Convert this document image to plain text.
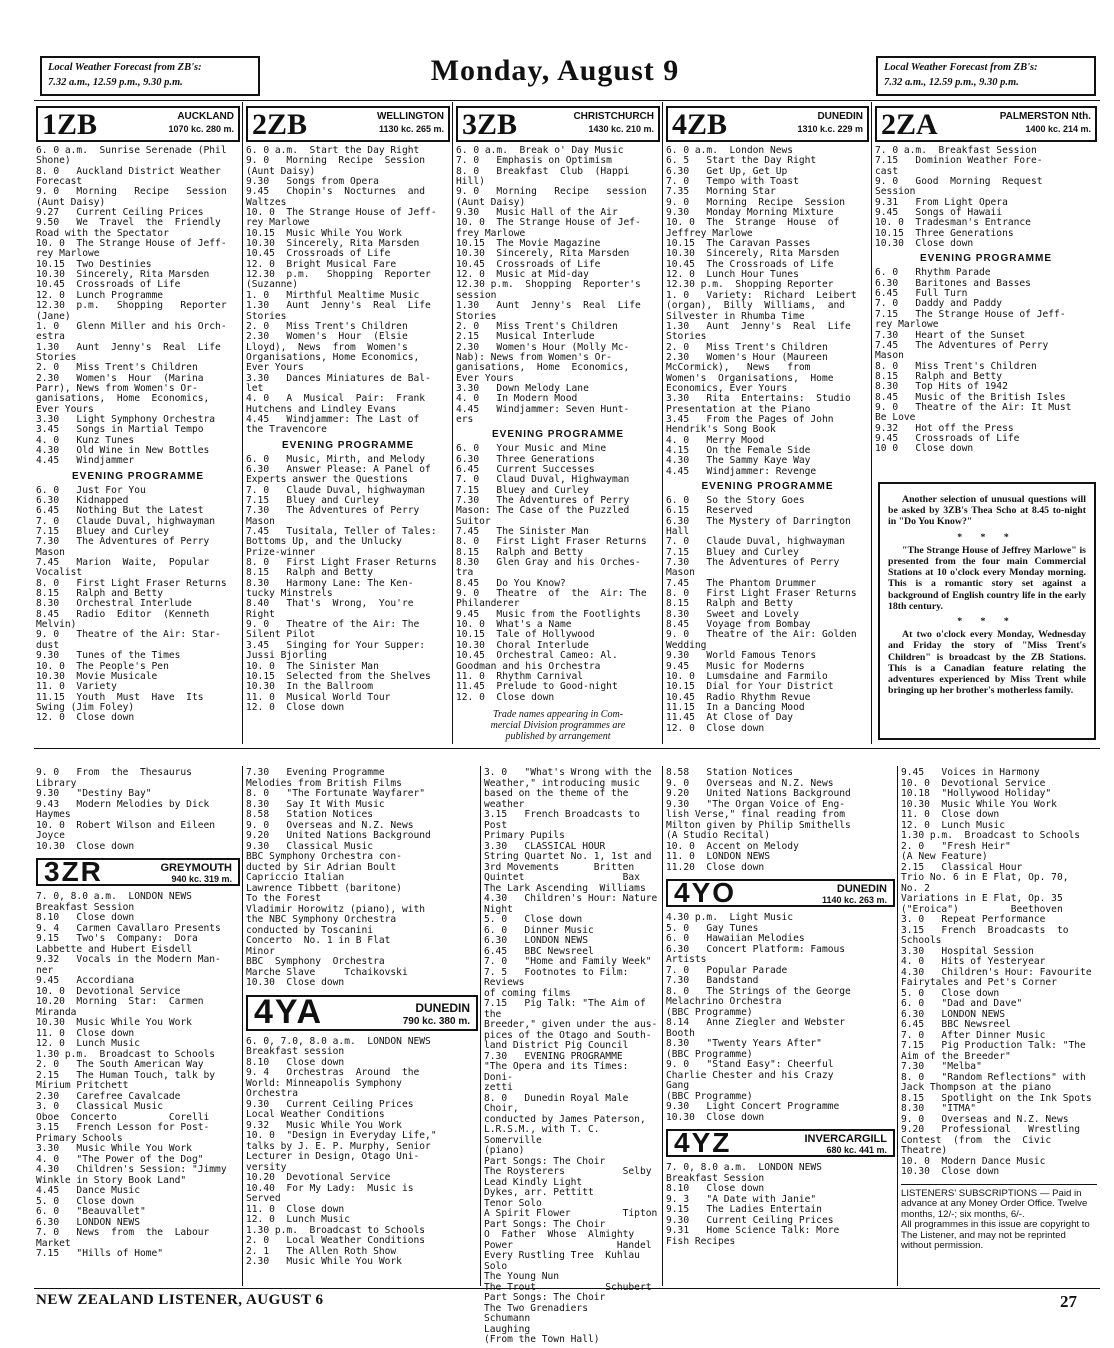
Local Weather Forecast from ZB's:
7.32 a.m., 12.59 p.m., 9.30 p.m.	Monday, August 9	Local Weather Forecast from ZB's:
7.32 a.m., 12.59 p.m., 9.30 p.m.
1ZB	AUCKLAND
1070 kc. 280 m.
6. 0 a.m.  Sunrise Serenade (Phil
Shone)
8. 0   Auckland District Weather
Forecast
9. 0   Morning   Recipe   Session
(Aunt Daisy)
9.27   Current Ceiling Prices
9.50   We  Travel  the  Friendly
Road with the Spectator
10. 0  The Strange House of Jeff-
rey Marlowe
10.15  Two Destinies
10.30  Sincerely, Rita Marsden
10.45  Crossroads of Life
12. 0  Lunch Programme
12.30  p.m.   Shopping   Reporter
(Jane)
1. 0   Glenn Miller and his Orch-
estra
1.30   Aunt  Jenny's  Real  Life
Stories
2. 0   Miss Trent's Children
2.30   Women's  Hour  (Marina
Parr), News from Women's Or-
ganisations,  Home  Economics,
Ever Yours
3.30   Light Symphony Orchestra
3.45   Songs in Martial Tempo
4. 0   Kunz Tunes
4.30   Old Wine in New Bottles
4.45   Windjammer
EVENING PROGRAMME
6. 0   Just For You
6.30   Kidnapped
6.45   Nothing But the Latest
7. 0   Claude Duval, highwayman
7.15   Bluey and Curley
7.30   The Adventures of Perry
Mason
7.45   Marion  Waite,  Popular
Vocalist
8. 0   First Light Fraser Returns
8.15   Ralph and Betty
8.30   Orchestral Interlude
8.45   Radio  Editor  (Kenneth
Melvin)
9. 0   Theatre of the Air: Star-
dust
9.30   Tunes of the Times
10. 0  The People's Pen
10.30  Movie Musicale
11. 0  Variety
11.15  Youth  Must  Have  Its
Swing (Jim Foley)
12. 0  Close down
2ZB	WELLINGTON
1130 kc. 265 m.
6. 0 a.m.  Start the Day Right
9. 0   Morning  Recipe  Session
(Aunt Daisy)
9.30   Songs from Opera
9.45   Chopin's  Nocturnes  and
Waltzes
10. 0  The Strange House of Jeff-
rey Marlowe
10.15  Music While You Work
10.30  Sincerely, Rita Marsden
10.45  Crossroads of Life
12. 0  Bright Musical Fare
12.30  p.m.   Shopping  Reporter
(Suzanne)
1. 0   Mirthful Mealtime Music
1.30   Aunt  Jenny's  Real  Life
Stories
2. 0   Miss Trent's Children
2.30   Women's  Hour  (Elsie
Lloyd),  News  from  Women's
Organisations, Home Economics,
Ever Yours
3.30   Dances Miniatures de Bal-
let
4. 0   A  Musical  Pair:  Frank
Hutchens and Lindley Evans
4.45   Windjammer: The Last of
the Travencore
EVENING PROGRAMME
6. 0   Music, Mirth, and Melody
6.30   Answer Please: A Panel of
Experts answer the Questions
7. 0   Claude Duval, highwayman
7.15   Bluey and Curley
7.30   The Adventures of Perry
Mason
7.45   Tusitala, Teller of Tales:
Bottoms Up, and the Unlucky
Prize-winner
8. 0   First Light Fraser Returns
8.15   Ralph and Betty
8.30   Harmony Lane: The Ken-
tucky Minstrels
8.40   That's  Wrong,  You're
Right
9. 0   Theatre of the Air: The
Silent Pilot
3.45   Singing for Your Supper:
Jussi Bjorling
10. 0  The Sinister Man
10.15  Selected from the Shelves
10.30  In the Ballroom
11. 0  Musical World Tour
12. 0  Close down
3ZB	CHRISTCHURCH
1430 kc. 210 m.
6. 0 a.m.  Break o' Day Music
7. 0   Emphasis on Optimism
8. 0   Breakfast  Club  (Happi
Hill)
9. 0   Morning   Recipe   session
(Aunt Daisy)
9.30   Music Hall of the Air
10. 0  The Strange House of Jef-
frey Marlowe
10.15  The Movie Magazine
10.30  Sincerely, Rita Marsden
10.45  Crossroads of Life
12. 0  Music at Mid-day
12.30 p.m.  Shopping  Reporter's
session
1.30   Aunt  Jenny's  Real  Life
Stories
2. 0   Miss Trent's Children
2.15   Musical Interlude
2.30   Women's Hour (Molly Mc-
Nab): News from Women's Or-
ganisations,  Home  Economics,
Ever Yours
3.30   Down Melody Lane
4. 0   In Modern Mood
4.45   Windjammer: Seven Hunt-
ers
EVENING PROGRAMME
6. 0   Your Music and Mine
6.30   Three Generations
6.45   Current Successes
7. 0   Claud Duval, Highwayman
7.15   Bluey and Curley
7.30   The Adventures of Perry
Mason: The Case of the Puzzled
Suitor
7.45   The Sinister Man
8. 0   First Light Fraser Returns
8.15   Ralph and Betty
8.30   Glen Gray and his Orches-
tra
8.45   Do You Know?
9. 0   Theatre  of  the  Air: The
Philanderer
9.45   Music from the Footlights
10. 0  What's a Name
10.15  Tale of Hollywood
10.30  Choral Interlude
10.45  Orchestral Cameo: Al.
Goodman and his Orchestra
11. 0  Rhythm Carnival
11.45  Prelude to Good-night
12. 0  Close down
Trade names appearing in Com-
mercial Division programmes are
published by arrangement
4ZB	DUNEDIN
1310 k.c. 229 m
6. 0 a.m.  London News
6. 5   Start the Day Right
6.30   Get Up, Get Up
7. 0   Tempo with Toast
7.35   Morning Star
9. 0   Morning  Recipe  Session
9.30   Monday Morning Mixture
10. 0  The  Strange  House  of
Jeffrey Marlowe
10.15  The Caravan Passes
10.30  Sincerely, Rita Marsden
10.45  The Crossroads of Life
12. 0  Lunch Hour Tunes
12.30 p.m.  Shopping Reporter
1. 0   Variety:  Richard  Leibert
(organ),  Billy  Williams,  and
Silvester in Rhumba Time
1.30   Aunt  Jenny's  Real  Life
Stories
2. 0   Miss Trent's Children
2.30   Women's Hour (Maureen
McCormick),   News   from
Women's  Organisations,  Home
Economics, Ever Yours
3.30   Rita  Entertains:  Studio
Presentation at the Piano
3.45   From the Pages of John
Hendrik's Song Book
4. 0   Merry Mood
4.15   On the Female Side
4.30   The Sammy Kaye Way
4.45   Windjammer: Revenge
EVENING PROGRAMME
6. 0   So the Story Goes
6.15   Reserved
6.30   The Mystery of Darrington
Hall
7. 0   Claude Duval, highwayman
7.15   Bluey and Curley
7.30   The Adventures of Perry
Mason
7.45   The Phantom Drummer
8. 0   First Light Fraser Returns
8.15   Ralph and Betty
8.30   Sweet and Lovely
8.45   Voyage from Bombay
9. 0   Theatre of the Air: Golden
Wedding
9.30   World Famous Tenors
9.45   Music for Moderns
10. 0  Lumsdaine and Farmilo
10.15  Dial for Your District
10.45  Radio Rhythm Revue
11.15  In a Dancing Mood
11.45  At Close of Day
12. 0  Close down
2ZA	PALMERSTON Nth.
1400 kc. 214 m.
7. 0 a.m.  Breakfast Session
7.15   Dominion Weather Fore-
cast
9. 0   Good  Morning  Request
Session
9.31   From Light Opera
9.45   Songs of Hawaii
10. 0  Tradesman's Entrance
10.15  Three Generations
10.30  Close down
EVENING PROGRAMME
6. 0   Rhythm Parade
6.30   Baritones and Basses
6.45   Full Turn
7. 0   Daddy and Paddy
7.15   The Strange House of Jeff-
rey Marlowe
7.30   Heart of the Sunset
7.45   The Adventures of Perry
Mason
8. 0   Miss Trent's Children
8.15   Ralph and Betty
8.30   Top Hits of 1942
8.45   Music of the British Isles
9. 0   Theatre of the Air: It Must
Be Love
9.32   Hot off the Press
9.45   Crossroads of Life
10 0   Close down

Another selection of unusual questions will be asked by 3ZB's Thea Scho at 8.45 to-night in "Do You Know?"

* * *

"The Strange House of Jeffrey Marlowe" is presented from the four main Commercial Stations at 10 o'clock every Monday morning. This is a romantic story set against a background of English country life in the early 18th century.

* * *

At two o'clock every Monday, Wednesday and Friday the story of "Miss Trent's Children" is broadcast by the ZB Stations. This is a Canadian feature relating the adventures experienced by Miss Trent while bringing up her brother's motherless family.

9. 0   From  the  Thesaurus
Library
9.30   "Destiny Bay"
9.43   Modern Melodies by Dick
Haymes
10. 0  Robert Wilson and Eileen
Joyce
10.30  Close down
3ZR	GREYMOUTH
940 kc. 319 m.
7. 0, 8.0 a.m.  LONDON NEWS
Breakfast Session
8.10   Close down
9. 4   Carmen Cavallaro Presents
9.15   Two's  Company:  Dora
Labbette and Hubert Eisdell
9.32   Vocals in the Modern Man-
ner
9.45   Accordiana
10. 0  Devotional Service
10.20  Morning  Star:  Carmen
Miranda
10.30  Music While You Work
11. 0  Close down
12. 0  Lunch Music
1.30 p.m.  Broadcast to Schools
2. 0   The South American Way
2.15   The Human Touch, talk by
Mirium Pritchett
2.30   Carefree Cavalcade
3. 0   Classical Music
Oboe  Concerto         Corelli
3.15   French Lesson for Post-
Primary Schools
3.30   Music While You Work
4. 0   "The Power of the Dog"
4.30   Children's Session: "Jimmy
Winkle in Story Book Land"
4.45   Dance Music
5. 0   Close down
6. 0   "Beauvallet"
6.30   LONDON NEWS
7. 0   News  from  the  Labour
Market
7.15   "Hills of Home"
7.30   Evening Programme
Melodies from British Films
8. 0   "The Fortunate Wayfarer"
8.30   Say It With Music
8.58   Station Notices
9. 0   Overseas and N.Z. News
9.20   United Nations Background
9.30   Classical Music
BBC Symphony Orchestra con-
ducted by Sir Adrian Boult
Capriccio Italian
Lawrence Tibbett (baritone)
To the Forest
Vladimir Horowitz (piano), with
the NBC Symphony Orchestra
conducted by Toscanini
Concerto  No. 1 in B Flat
Minor
BBC  Symphony  Orchestra
Marche Slave     Tchaikovski
10.30  Close down
4YA	DUNEDIN
790 kc. 380 m.
6. 0, 7.0, 8.0 a.m.  LONDON NEWS
Breakfast session
8.10   Close down
9. 4   Orchestras  Around  the
World: Minneapolis Symphony
Orchestra
9.30   Current Ceiling Prices
Local Weather Conditions
9.32   Music While You Work
10. 0  "Design in Everyday Life,"
talks by J. E. P. Murphy, Senior
Lecturer in Design, Otago Uni-
versity
10.20  Devotional Service
10.40  For My Lady:  Music is
Served
11. 0  Close down
12. 0  Lunch Music
1.30 p.m.  Broadcast to Schools
2. 0   Local Weather Conditions
2. 1   The Allen Roth Show
2.30   Music While You Work
3. 0   "What's Wrong with the
Weather," introducing music
based on the theme of the
weather
3.15   French Broadcasts to Post
Primary Pupils
3.30   CLASSICAL HOUR
String Quartet No. 1, 1st and
3rd Movements      Britten
Quintet                 Bax
The Lark Ascending  Williams
4.30   Children's Hour: Nature
Night
5. 0   Close down
6. 0   Dinner Music
6.30   LONDON NEWS
6.45   BBC Newsreel
7. 0   "Home and Family Week"
7. 5   Footnotes to Film: Reviews
of coming films
7.15   Pig Talk: "The Aim of the
Breeder," given under the aus-
pices of the Otago and South-
land District Pig Council
7.30   EVENING PROGRAMME
"The Opera and its Times: Doni-
zetti
8. 0   Dunedin Royal Male Choir,
conducted by James Paterson,
L.R.S.M., with T. C. Somerville
(piano)
Part Songs: The Choir
The Roysterers          Selby
Lead Kindly Light
Dykes, arr. Pettitt
Tenor Solo
A Spirit Flower         Tipton
Part Songs: The Choir
O  Father  Whose  Almighty
Power                  Handel
Every Rustling Tree  Kuhlau
Solo
The Young Nun
The Trout            Schubert
Part Songs: The Choir
The Two Grenadiers
Schumann
Laughing
(From the Town Hall)
8.58   Station Notices
9. 0   Overseas and N.Z. News
9.20   United Nations Background
9.30   "The Organ Voice of Eng-
lish Verse," final reading from
Milton given by Philip Smithells
(A Studio Recital)
10. 0  Accent on Melody
11. 0  LONDON NEWS
11.20  Close down
4YO	DUNEDIN
1140 kc. 263 m.
4.30 p.m.  Light Music
5. 0   Gay Tunes
6. 0   Hawaiian Melodies
6.30   Concert Platform: Famous
Artists
7. 0   Popular Parade
7.30   Bandstand
8. 0   The Strings of the George
Melachrino Orchestra
(BBC Programme)
8.14   Anne Ziegler and Webster
Booth
8.30   "Twenty Years After"
(BBC Programme)
9. 0   "Stand Easy": Cheerful
Charlie Chester and his Crazy
Gang
(BBC Programme)
9.30   Light Concert Programme
10.30  Close down
4YZ	INVERCARGILL
680 kc. 441 m.
7. 0, 8.0 a.m.  LONDON NEWS
Breakfast Session
8.10   Close down
9. 3   "A Date with Janie"
9.15   The Ladies Entertain
9.30   Current Ceiling Prices
9.31   Home Science Talk: More
Fish Recipes
9.45   Voices in Harmony
10. 0  Devotional Service
10.18  "Hollywood Holiday"
10.30  Music While You Work
11. 0  Close down
12. 0  Lunch Music
1.30 p.m.  Broadcast to Schools
2. 0   "Fresh Heir"
(A New Feature)
2.15   Classical Hour
Trio No. 6 in E Flat, Op. 70,
No. 2
Variations in E Flat, Op. 35
("Eroica")         Beethoven
3. 0   Repeat Performance
3.15   French  Broadcasts  to
Schools
3.30   Hospital Session
4. 0   Hits of Yesteryear
4.30   Children's Hour: Favourite
Fairytales and Pet's Corner
5. 0   Close down
6. 0   "Dad and Dave"
6.30   LONDON NEWS
6.45   BBC Newsreel
7. 0   After Dinner Music
7.15   Pig Production Talk: "The
Aim of the Breeder"
7.30   "Melba"
8. 0   "Random Reflections" with
Jack Thompson at the piano
8.15   Spotlight on the Ink Spots
8.30   "ITMA"
9. 0   Overseas and N.Z. News
9.20   Professional   Wrestling
Contest  (from  the  Civic
Theatre)
10. 0  Modern Dance Music
10.30  Close down
LISTENERS' SUBSCRIPTIONS — Paid in advance at any Money Order Office. Twelve months, 12/-; six months, 6/-.
All programmes in this issue are copyright to The Listener, and may not be reprinted without permission.
NEW ZEALAND LISTENER, AUGUST 6	27
